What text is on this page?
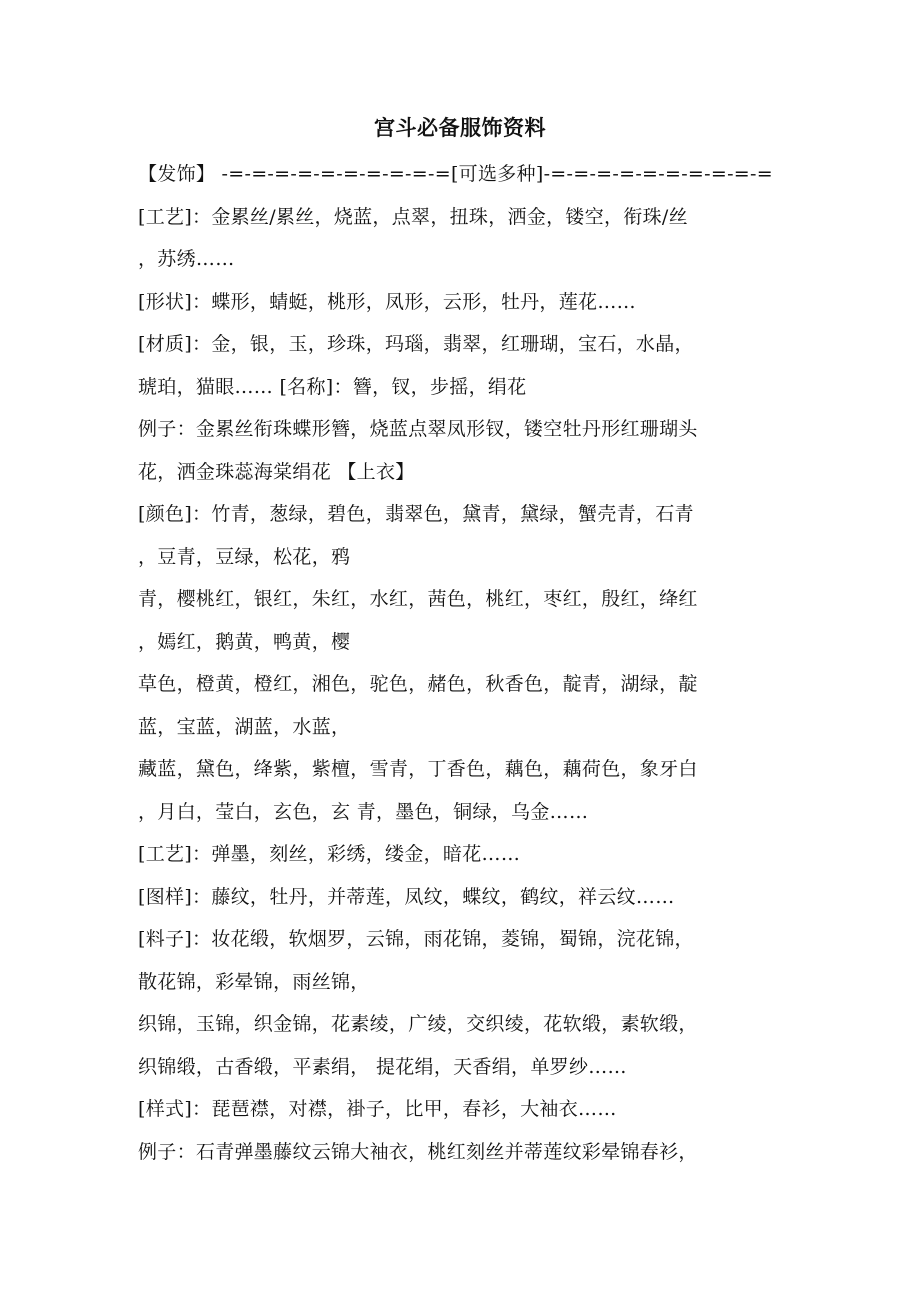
宫斗必备服饰资料
【发饰】 -=-=-=-=-=-=-=-=-=-=[可选多种]-=-=-=-=-=-=-=-=-=-=
[工艺]：金累丝/累丝，烧蓝，点翠，扭珠，洒金，镂空，衔珠/丝
，苏绣……
[形状]：蝶形，蜻蜓，桃形，凤形，云形，牡丹，莲花……
[材质]：金，银，玉，珍珠，玛瑙，翡翠，红珊瑚，宝石，水晶，
琥珀，猫眼…… [名称]：簪，钗，步摇，绢花
例子：金累丝衔珠蝶形簪，烧蓝点翠凤形钗，镂空牡丹形红珊瑚头
花，洒金珠蕊海棠绢花 【上衣】
[颜色]：竹青，葱绿，碧色，翡翠色，黛青，黛绿，蟹壳青，石青
，豆青，豆绿，松花，鸦
青，樱桃红，银红，朱红，水红，茜色，桃红，枣红，殷红，绛红
，嫣红，鹅黄，鸭黄，樱
草色，橙黄，橙红，湘色，驼色，赭色，秋香色，靛青，湖绿，靛
蓝，宝蓝，湖蓝，水蓝，
藏蓝，黛色，绛紫，紫檀，雪青，丁香色，藕色，藕荷色，象牙白
，月白，莹白，玄色，玄 青，墨色，铜绿，乌金……
[工艺]：弹墨，刻丝，彩绣，缕金，暗花……
[图样]：藤纹，牡丹，并蒂莲，凤纹，蝶纹，鹤纹，祥云纹……
[料子]：妆花缎，软烟罗，云锦，雨花锦，菱锦，蜀锦，浣花锦，
散花锦，彩晕锦，雨丝锦，
织锦，玉锦，织金锦，花素绫，广绫，交织绫，花软缎，素软缎，
织锦缎，古香缎，平素绢， 提花绢，天香绢，单罗纱……
[样式]：琵琶襟，对襟，褂子，比甲，春衫，大袖衣……
例子：石青弹墨藤纹云锦大袖衣，桃红刻丝并蒂莲纹彩晕锦春衫，
